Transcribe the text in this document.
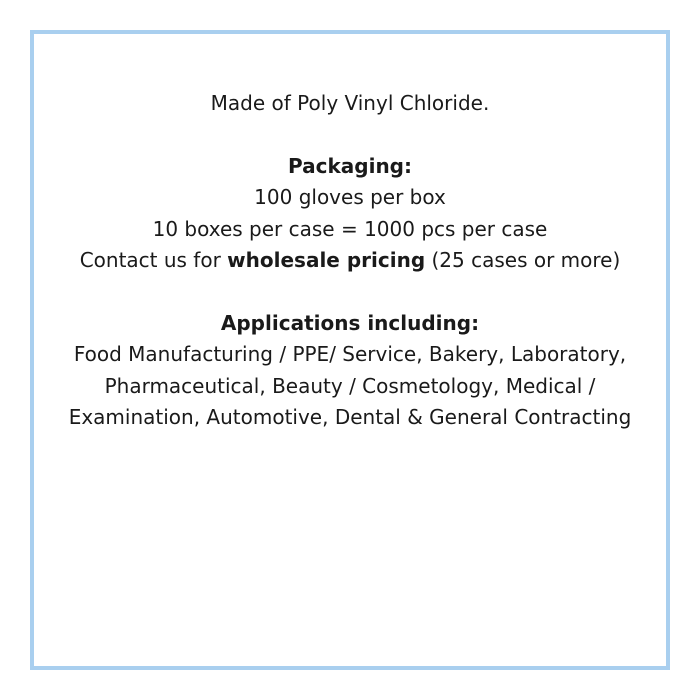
Made of Poly Vinyl Chloride.

Packaging:

100 gloves per box

10 boxes per case = 1000 pcs per case

Contact us for wholesale pricing (25 cases or more)

Applications including:

Food Manufacturing / PPE/ Service, Bakery, Laboratory, Pharmaceutical, Beauty / Cosmetology, Medical / Examination, Automotive, Dental & General Contracting
